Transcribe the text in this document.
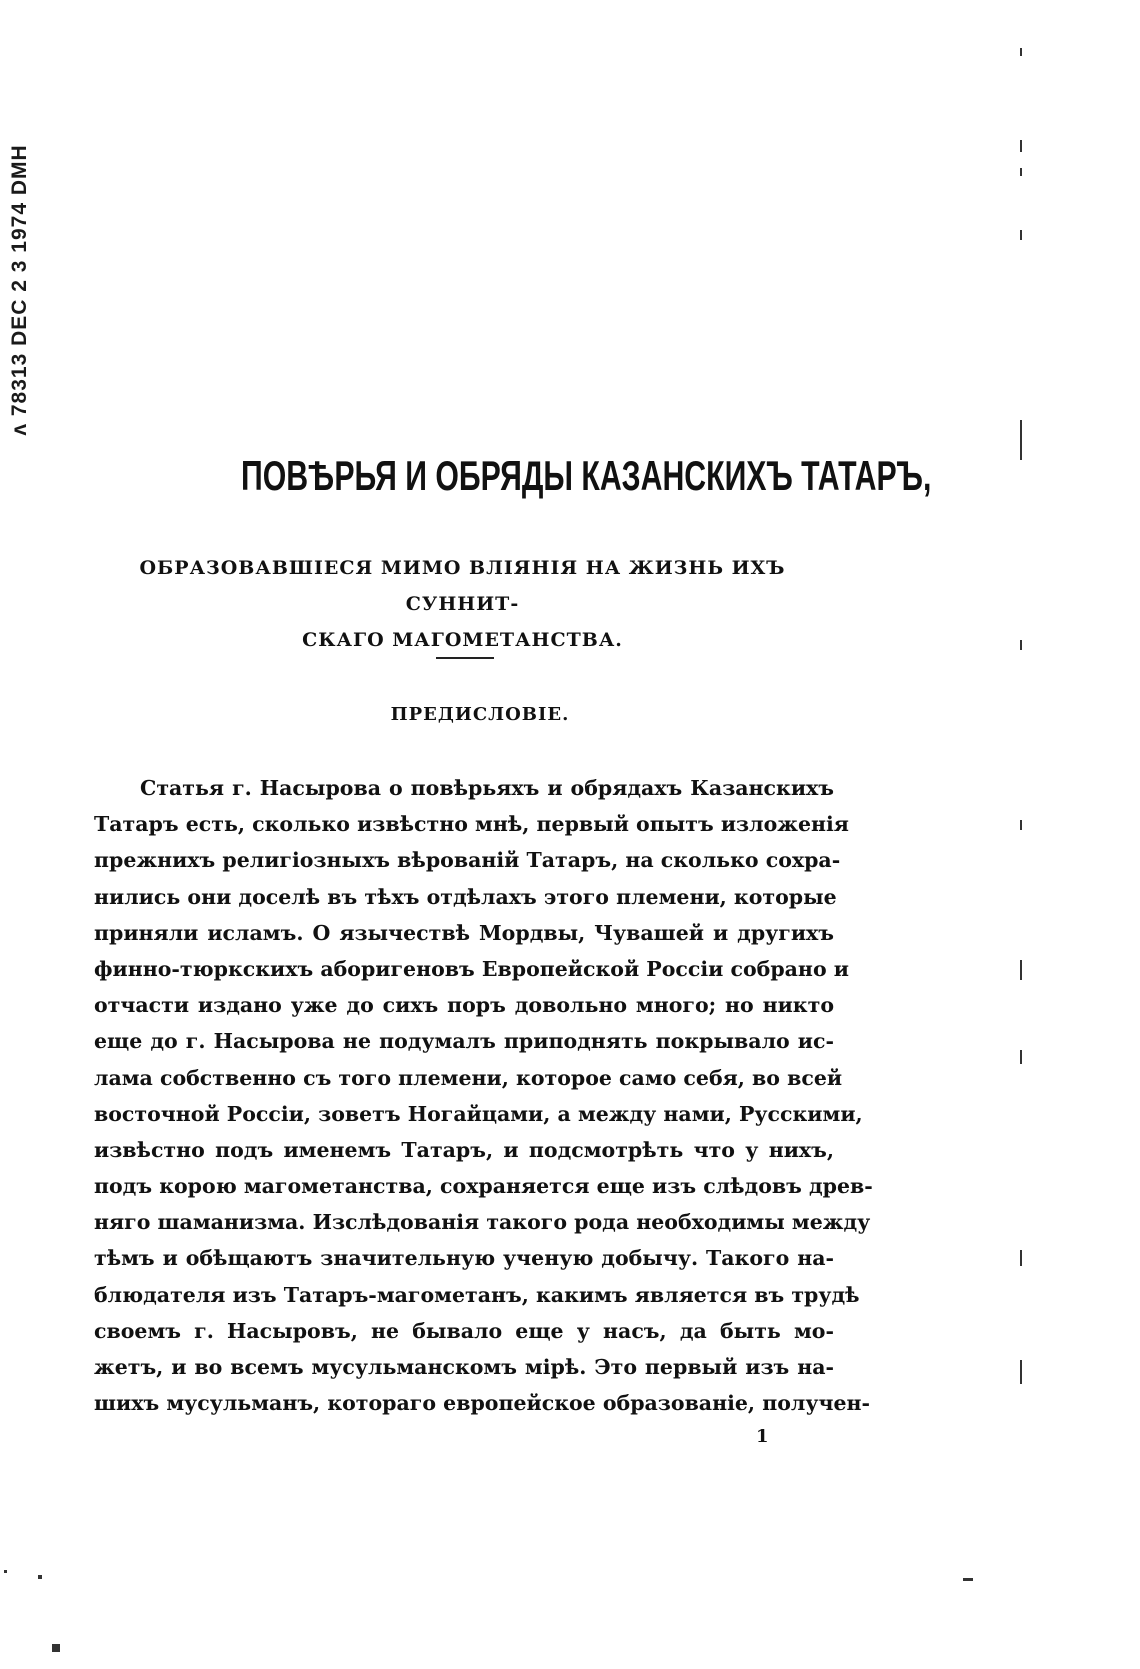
ᴧ 78313 DEC 2 3 1974 DMH
ПОВѢРЬЯ И ОБРЯДЫ КАЗАНСКИХЪ ТАТАРЪ,
ОБРАЗОВАВШІЕСЯ МИМО ВЛІЯНІЯ НА ЖИЗНЬ ИХЪ СУННИТ-
СКАГО МАГОМЕТАНСТВА.
ПРЕДИСЛОВІЕ.
Статья г. Насырова о повѣрьяхъ и обрядахъ Казанскихъ
Татаръ есть, сколько извѣстно мнѣ, первый опытъ изложенія
прежнихъ религіозныхъ вѣрованій Татаръ, на сколько сохра-
нились они доселѣ въ тѣхъ отдѣлахъ этого племени, которые
приняли исламъ. О язычествѣ Мордвы, Чувашей и другихъ
финно-тюркскихъ аборигеновъ Европейской Россіи собрано и
отчасти издано уже до сихъ поръ довольно много; но никто
еще до г. Насырова не подумалъ приподнять покрывало ис-
лама собственно съ того племени, которое само себя, во всей
восточной Россіи, зоветъ Ногайцами, а между нами, Русскими,
извѣстно подъ именемъ Татаръ, и подсмотрѣть что у нихъ,
подъ корою магометанства, сохраняется еще изъ слѣдовъ древ-
няго шаманизма. Изслѣдованія такого рода необходимы между
тѣмъ и обѣщаютъ значительную ученую добычу. Такого на-
блюдателя изъ Татаръ-магометанъ, какимъ является въ трудѣ
своемъ г. Насыровъ, не бывало еще у насъ, да быть мо-
жетъ, и во всемъ мусульманскомъ мірѣ. Это первый изъ на-
шихъ мусульманъ, котораго европейское образованіе, получен-
1
